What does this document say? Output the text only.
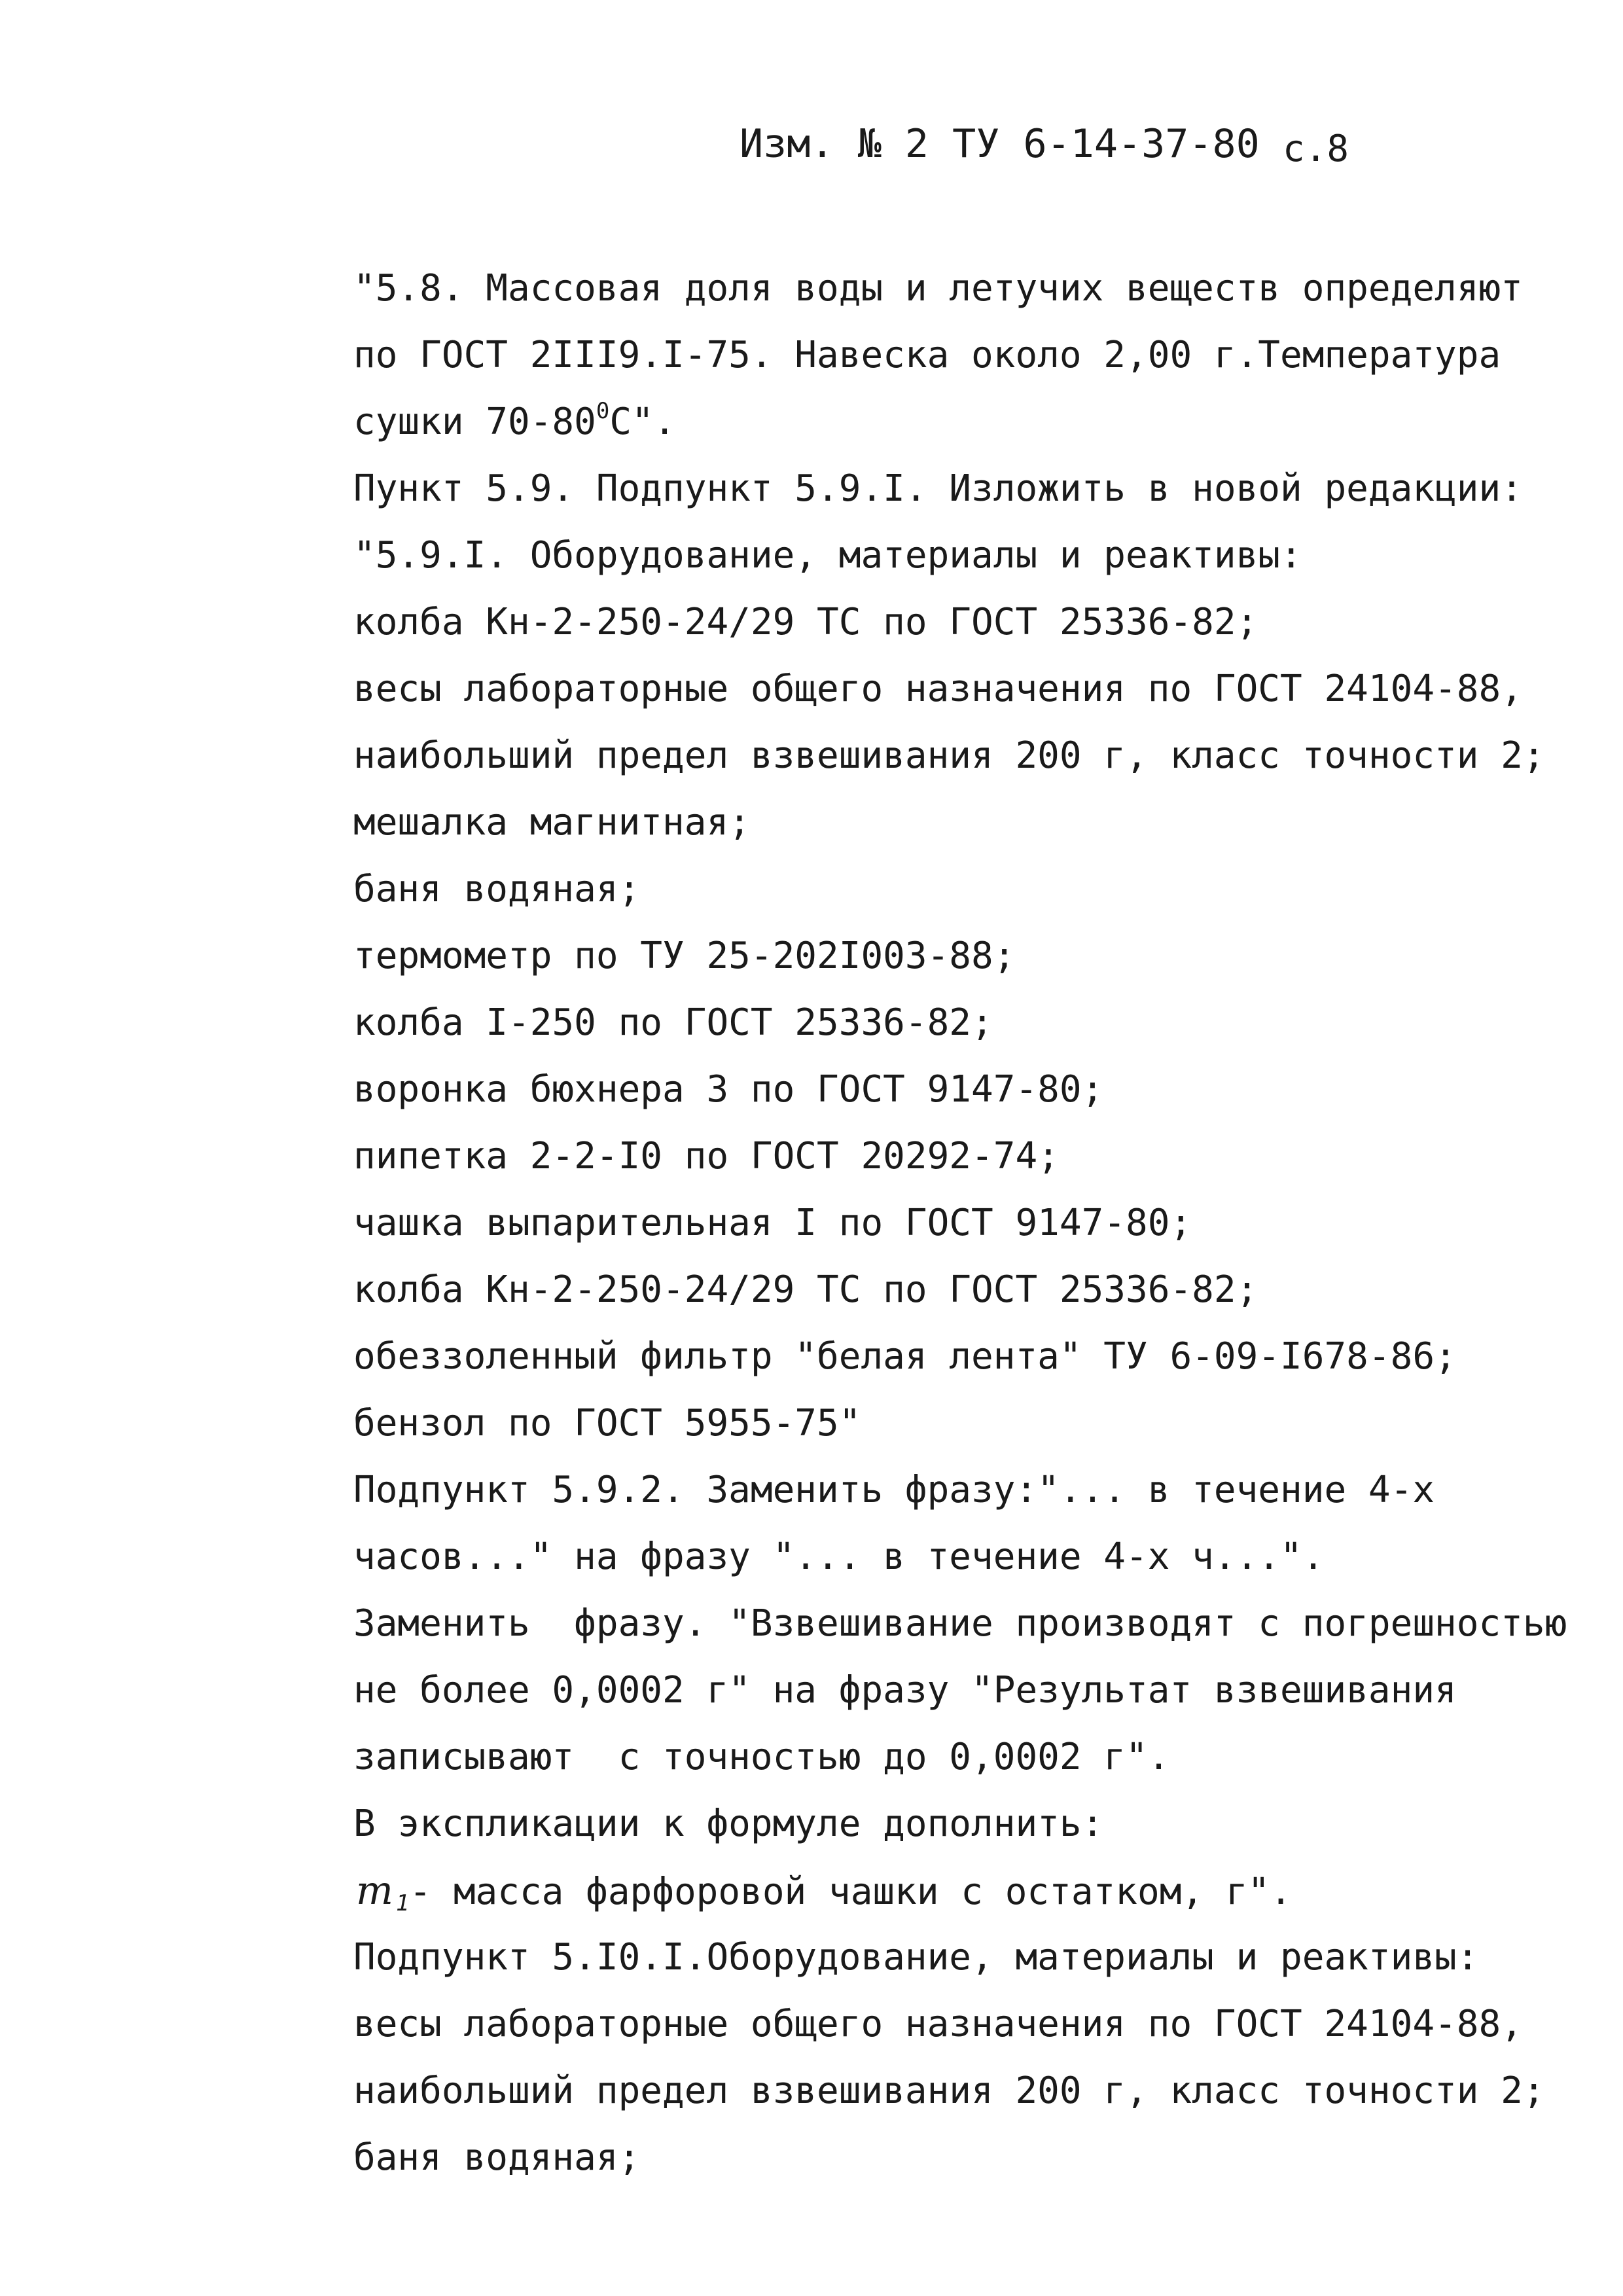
Изм. № 2 ТУ 6-14-37-80 с.8
"5.8. Массовая доля воды и летучих веществ определяют
по ГОСТ 2III9.I-75. Навеска около 2,00 г.Температура
сушки $70-80^0С$".
Пункт 5.9. Подпункт 5.9.I. Изложить в новой редакции:
"5.9.I. Оборудование, материалы и реактивы:
колба Кн-2-250-24/29 ТС по ГОСТ 25336-82;
весы лабораторные общего назначения по ГОСТ 24104-88,
наибольший предел взвешивания 200 г, класс точности 2;
мешалка магнитная;
баня водяная;
термометр по ТУ 25-202I003-88;
колба I-250 по ГОСТ 25336-82;
воронка бюхнера 3 по ГОСТ 9147-80;
пипетка 2-2-I0 по ГОСТ 20292-74;
чашка выпарительная I по ГОСТ 9147-80;
колба Кн-2-250-24/29 ТС по ГОСТ 25336-82;
обеззоленный фильтр "белая лента" ТУ 6-09-I678-86;
бензол по ГОСТ 5955-75"
Подпункт 5.9.2. Заменить фразу:"... в течение 4-х
часов..." на фразу "... в течение 4-х ч...".
Заменить  фразу. "Взвешивание производят с погрешностью
не более 0,0002 г" на фразу "Результат взвешивания
записывают  с точностью до 0,0002 г".
В экспликации к формуле дополнить:
m 1- масса фарфоровой чашки с остатком, г".
Подпункт 5.I0.I.Оборудование, материалы и реактивы:
весы лабораторные общего назначения по ГОСТ 24104-88,
наибольший предел взвешивания 200 г, класс точности 2;
баня водяная;
